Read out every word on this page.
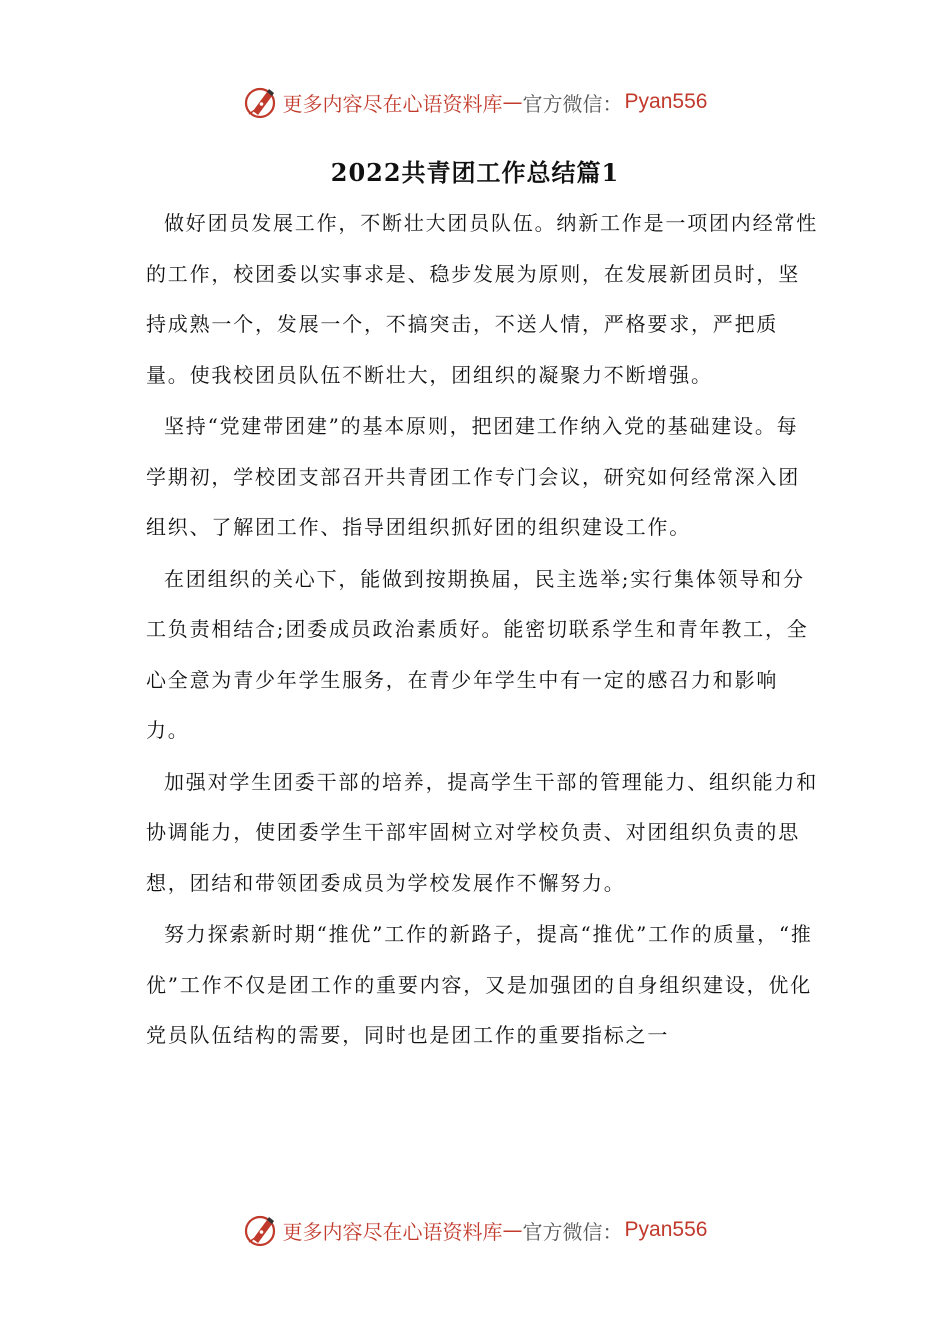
更多内容尽在心语资料库 — 官方微信： Pyan556
2022共青团工作总结篇1

做好团员发展工作，不断壮大团员队伍。纳新工作是一项团内经常性的工作，校团委以实事求是、稳步发展为原则，在发展新团员时，坚持成熟一个，发展一个，不搞突击，不送人情，严格要求，严把质量。使我校团员队伍不断壮大，团组织的凝聚力不断增强。

坚持“党建带团建”的基本原则，把团建工作纳入党的基础建设。每学期初，学校团支部召开共青团工作专门会议，研究如何经常深入团组织、了解团工作、指导团组织抓好团的组织建设工作。

在团组织的关心下，能做到按期换届，民主选举;实行集体领导和分工负责相结合;团委成员政治素质好。能密切联系学生和青年教工，全心全意为青少年学生服务，在青少年学生中有一定的感召力和影响力。

加强对学生团委干部的培养，提高学生干部的管理能力、组织能力和协调能力，使团委学生干部牢固树立对学校负责、对团组织负责的思想，团结和带领团委成员为学校发展作不懈努力。

努力探索新时期“推优”工作的新路子，提高“推优”工作的质量，“推优”工作不仅是团工作的重要内容，又是加强团的自身组织建设，优化党员队伍结构的需要，同时也是团工作的重要指标之一

更多内容尽在心语资料库 — 官方微信： Pyan556
